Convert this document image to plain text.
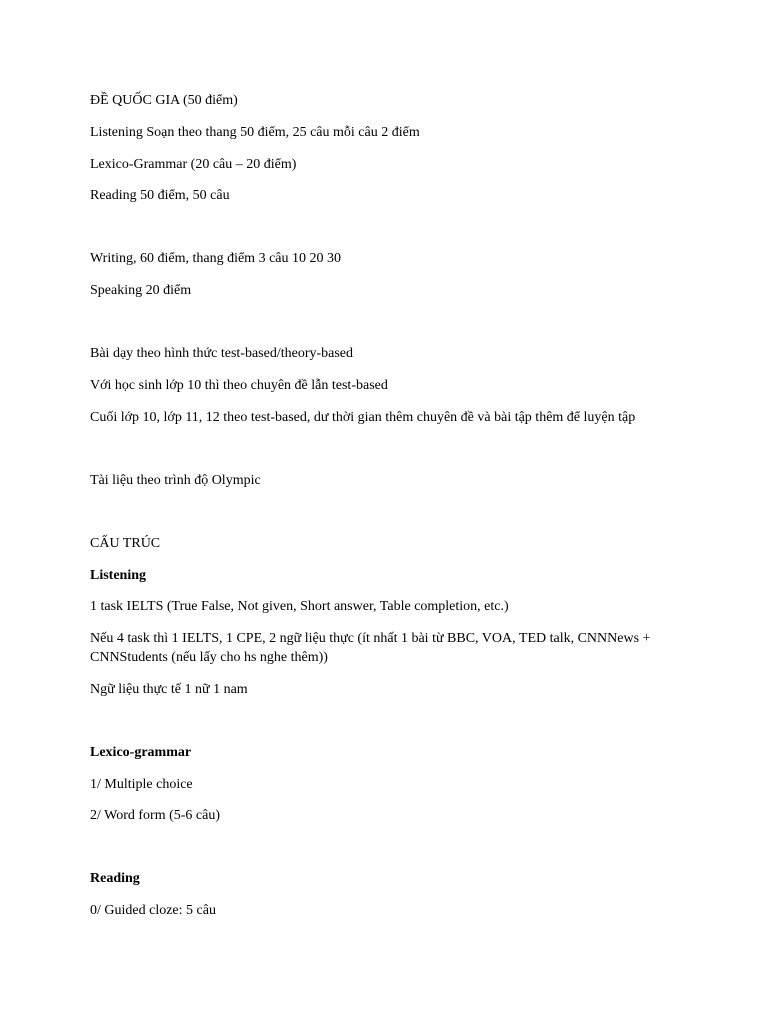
ĐỀ QUỐC GIA (50 điểm)
Listening Soạn theo thang 50 điểm, 25 câu mỗi câu 2 điểm
Lexico-Grammar (20 câu – 20 điểm)
Reading 50 điểm, 50 câu
Writing, 60 điểm, thang điểm 3 câu 10 20 30
Speaking 20 điểm
Bài dạy theo hình thức test-based/theory-based
Với học sinh lớp 10 thì theo chuyên đề lẫn test-based
Cuối lớp 10, lớp 11, 12 theo test-based, dư thời gian thêm chuyên đề và bài tập thêm để luyện tập
Tài liệu theo trình độ Olympic
CẤU TRÚC
Listening
1 task IELTS (True False, Not given, Short answer, Table completion, etc.)
Nếu 4 task thì 1 IELTS, 1 CPE, 2 ngữ liệu thực (ít nhất 1 bài từ BBC, VOA, TED talk, CNNNews + CNNStudents (nếu lấy cho hs nghe thêm))
Ngữ liệu thực tế 1 nữ 1 nam
Lexico-grammar
1/ Multiple choice
2/ Word form (5-6 câu)
Reading
0/ Guided cloze: 5 câu
